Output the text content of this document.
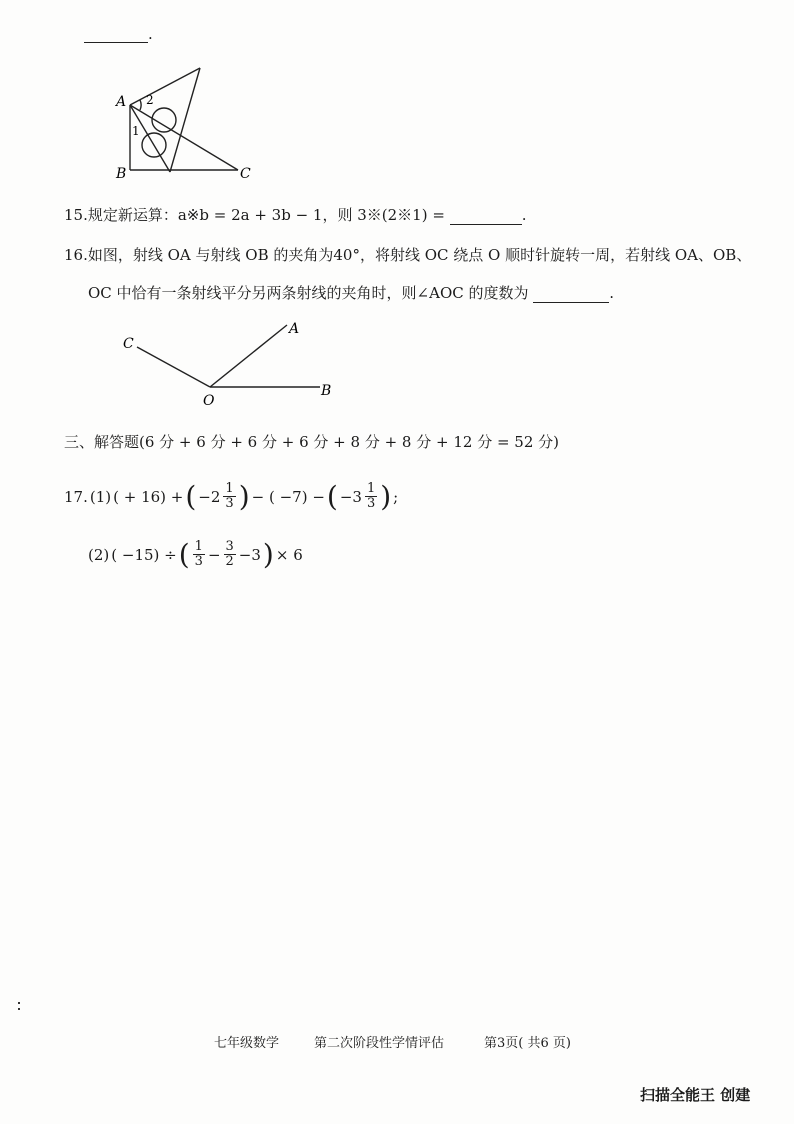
.
A
B	C
1
2
15.规定新运算：a※b = 2a + 3b − 1，则 3※(2※1) =	.
16.如图，射线 OA 与射线 OB 的夹角为40°，将射线 OC 绕点 O 顺时针旋转一周，若射线 OA、OB、
OC 中恰有一条射线平分另两条射线的夹角时，则∠AOC 的度数为	.
C
A
B
O
三、解答题(6 分 + 6 分 + 6 分 + 6 分 + 8 分 + 8 分 + 12 分 = 52 分)
17. (1) ( + 16) + ( $-2 \frac{1}{3}$ ) − ( −7) − ( $-3 \frac{1}{3}$ ) ;
(2) ( −15) ÷ ( $\frac{1}{3} - \frac{3}{2} -3$ ) × 6
七年级数学	第二次阶段性学情评估	第3页( 共6 页)
扫描全能王 创建
